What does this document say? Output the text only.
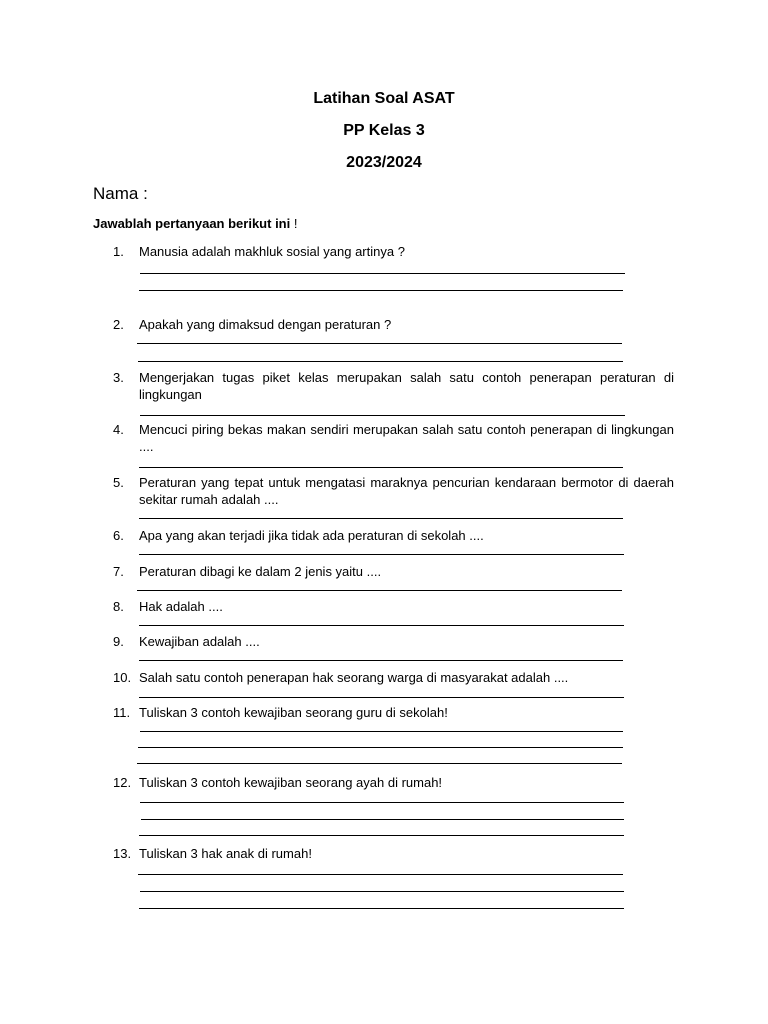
Latihan Soal ASAT
PP Kelas 3
2023/2024
Nama :
Jawablah pertanyaan berikut ini !
1.	Manusia adalah makhluk sosial yang artinya ?
2.	Apakah yang dimaksud dengan peraturan ?
3.	Mengerjakan tugas piket kelas merupakan salah satu contoh penerapan peraturan di lingkungan
4.	Mencuci piring bekas makan sendiri merupakan salah satu contoh penerapan di lingkungan ....
5.	Peraturan yang tepat untuk mengatasi maraknya pencurian kendaraan bermotor di daerah sekitar rumah adalah ....
6.	Apa yang akan terjadi jika tidak ada peraturan di sekolah ....
7.	Peraturan dibagi ke dalam 2 jenis yaitu ....
8.	Hak adalah ....
9.	Kewajiban adalah ....
10. Salah satu contoh penerapan hak seorang warga di masyarakat adalah ....
11. Tuliskan 3 contoh kewajiban seorang guru di sekolah!
12. Tuliskan 3 contoh kewajiban seorang ayah di rumah!
13. Tuliskan 3 hak anak di rumah!
